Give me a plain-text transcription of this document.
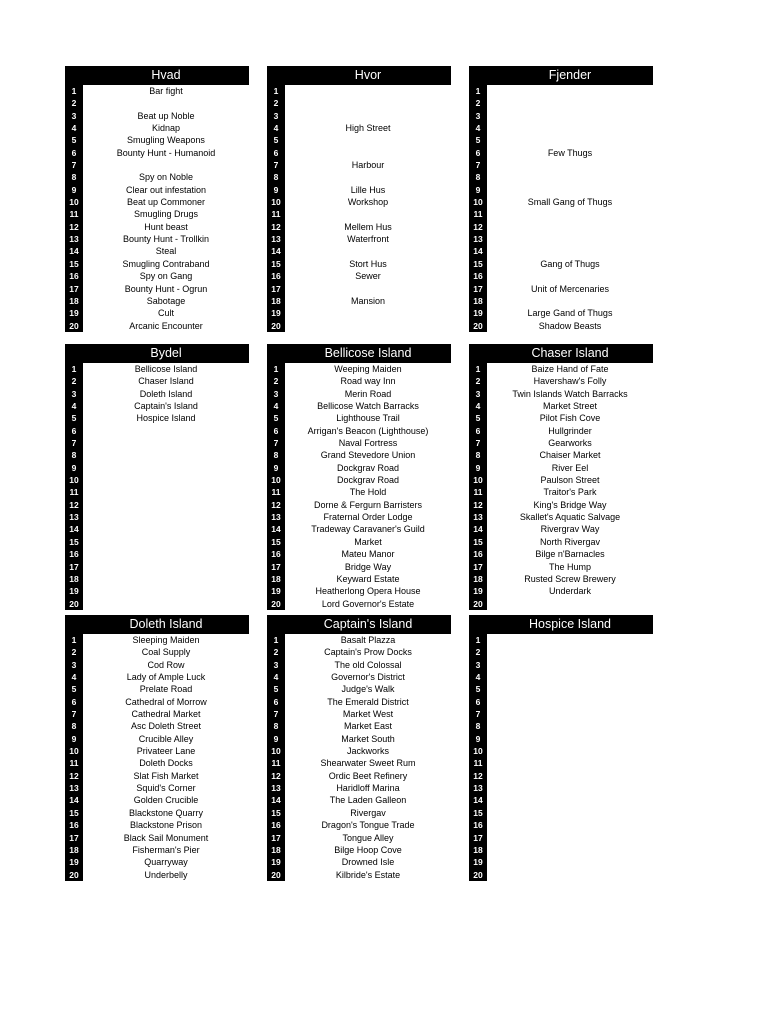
Hvad
1	Bar fight
2
3	Beat up Noble
4	Kidnap
5	Smugling Weapons
6	Bounty Hunt - Humanoid
7
8	Spy on Noble
9	Clear out infestation
10	Beat up Commoner
11	Smugling Drugs
12	Hunt beast
13	Bounty Hunt - Trollkin
14	Steal
15	Smugling Contraband
16	Spy on Gang
17	Bounty Hunt - Ogrun
18	Sabotage
19	Cult
20	Arcanic Encounter
Hvor
1
2
3
4	High Street
5
6
7	Harbour
8
9	Lille Hus
10	Workshop
11
12	Mellem Hus
13	Waterfront
14
15	Stort Hus
16	Sewer
17
18	Mansion
19
20
Fjender
1
2
3
4
5
6	Few Thugs
7
8
9
10	Small Gang of Thugs
11
12
13
14
15	Gang of Thugs
16
17	Unit of Mercenaries
18
19	Large Gand of Thugs
20	Shadow Beasts
Bydel
1	Bellicose Island
2	Chaser Island
3	Doleth Island
4	Captain's Island
5	Hospice Island
6
7
8
9
10
11
12
13
14
15
16
17
18
19
20
Bellicose Island
1	Weeping Maiden
2	Road way Inn
3	Merin Road
4	Bellicose Watch Barracks
5	Lighthouse Trail
6	Arrigan's Beacon (Lighthouse)
7	Naval Fortress
8	Grand Stevedore Union
9	Dockgrav Road
10	Dockgrav Road
11	The Hold
12	Dorne & Fergurn Barristers
13	Fraternal Order Lodge
14	Tradeway Caravaner's Guild
15	Market
16	Mateu Manor
17	Bridge Way
18	Keyward Estate
19	Heatherlong Opera House
20	Lord Governor's Estate
Chaser Island
1	Baize Hand of Fate
2	Havershaw's Folly
3	Twin Islands Watch Barracks
4	Market Street
5	Pilot Fish Cove
6	Hullgrinder
7	Gearworks
8	Chaiser Market
9	River Eel
10	Paulson Street
11	Traitor's Park
12	King's Bridge Way
13	Skallet's Aquatic Salvage
14	Rivergrav Way
15	North Rivergav
16	Bilge n'Barnacles
17	The Hump
18	Rusted Screw Brewery
19	Underdark
20
Doleth Island
1	Sleeping Maiden
2	Coal Supply
3	Cod Row
4	Lady of Ample Luck
5	Prelate Road
6	Cathedral of Morrow
7	Cathedral Market
8	Asc Doleth Street
9	Crucible Alley
10	Privateer Lane
11	Doleth Docks
12	Slat Fish Market
13	Squid's Corner
14	Golden Crucible
15	Blackstone Quarry
16	Blackstone Prison
17	Black Sail Monument
18	Fisherman's Pier
19	Quarryway
20	Underbelly
Captain's Island
1	Basalt Plazza
2	Captain's Prow Docks
3	The old Colossal
4	Governor's District
5	Judge's Walk
6	The Emerald District
7	Market West
8	Market East
9	Market South
10	Jackworks
11	Shearwater Sweet Rum
12	Ordic Beet Refinery
13	Haridloff Marina
14	The Laden Galleon
15	Rivergav
16	Dragon's Tongue Trade
17	Tongue Alley
18	Bilge Hoop Cove
19	Drowned Isle
20	Kilbride's Estate
Hospice Island
1
2
3
4
5
6
7
8
9
10
11
12
13
14
15
16
17
18
19
20
